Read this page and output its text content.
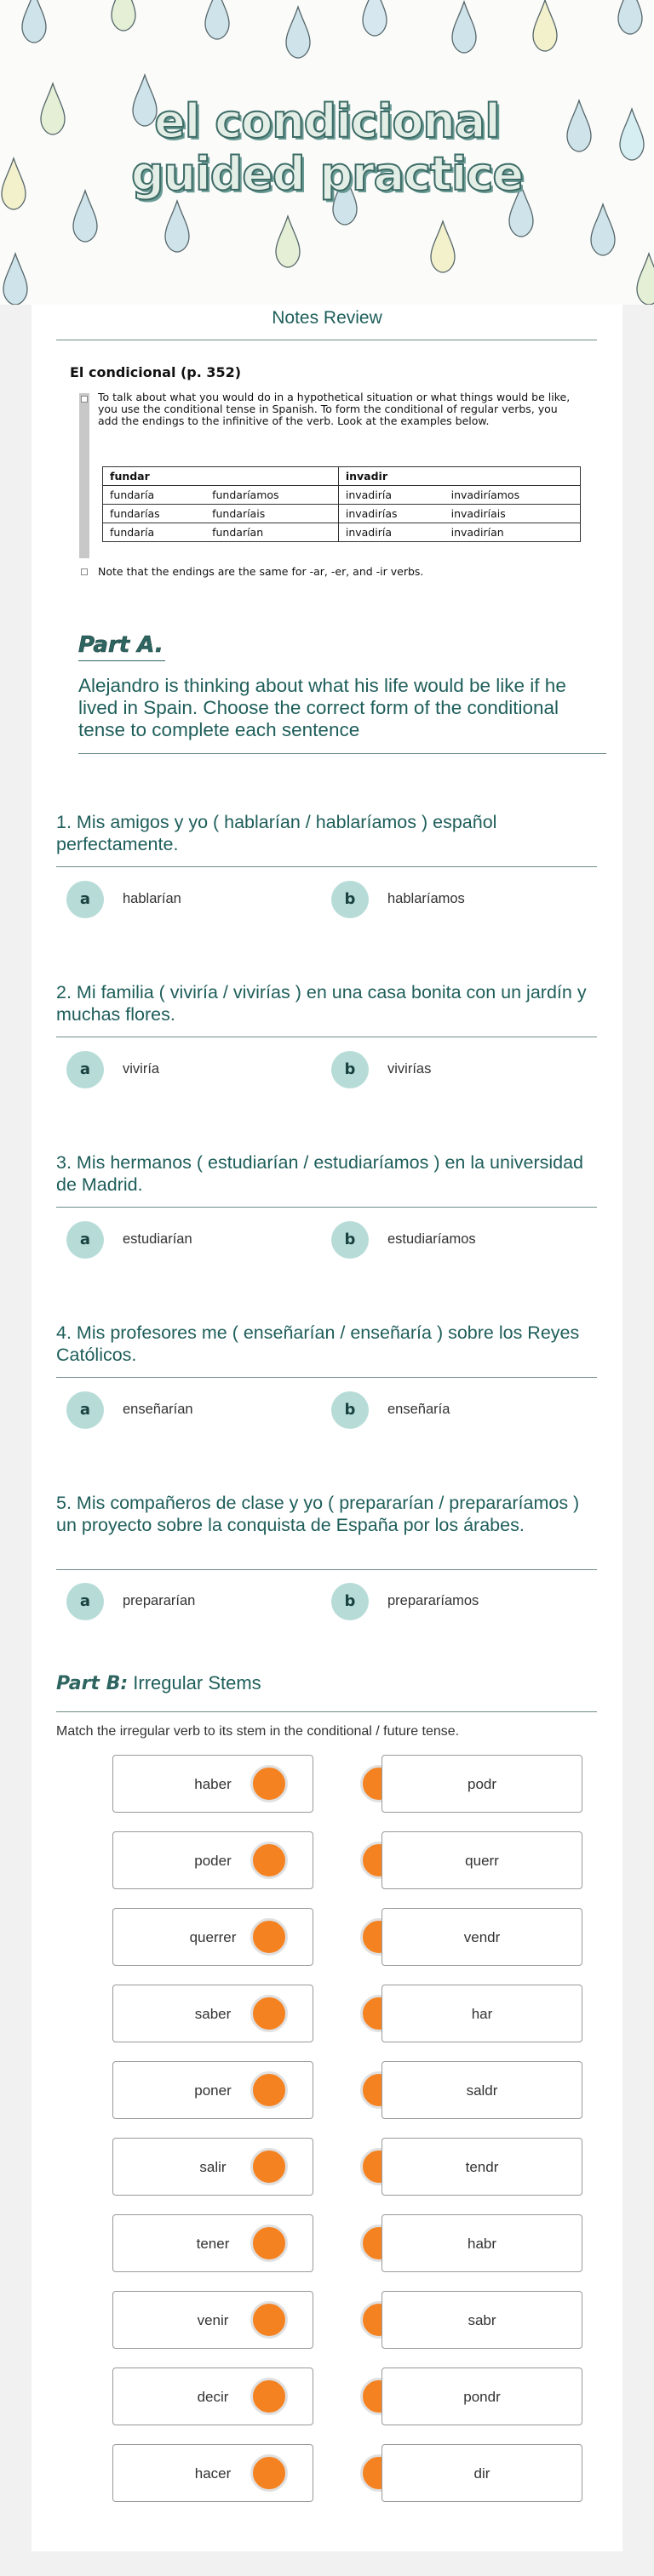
el condicional guided practice
Notes Review
El condicional (p. 352)
To talk about what you would do in a hypothetical situation or what things would be like, you use the conditional tense in Spanish. To form the conditional of regular verbs, you add the endings to the infinitive of the verb. Look at the examples below.
fundar		invadir	
fundaría	fundaríamos	invadiría	invadiríamos
fundarías	fundaríais	invadirías	invadiríais
fundaría	fundarían	invadiría	invadirían
Note that the endings are the same for -ar, -er, and -ir verbs.
Part A.
Alejandro is thinking about what his life would be like if he lived in Spain. Choose the correct form of the conditional tense to complete each sentence
1. Mis amigos y yo ( hablarían / hablaríamos ) español perfectamente.
a	hablarían	b	hablaríamos
2. Mi familia ( viviría / vivirías ) en una casa bonita con un jardín y muchas flores.
a	viviría	b	vivirías
3. Mis hermanos ( estudiarían / estudiaríamos ) en la universidad de Madrid.
a	estudiarían	b	estudiaríamos
4. Mis profesores me ( enseñarían / enseñaría ) sobre los Reyes Católicos.
a	enseñarían	b	enseñaría
5. Mis compañeros de clase y yo ( prepararían / prepararíamos ) un proyecto sobre la conquista de España por los árabes.
a	prepararían	b	prepararíamos
Part B: Irregular Stems
Match the irregular verb to its stem in the conditional / future tense.
haber	podr
poder	querr
querrer	vendr
saber	har
poner	saldr
salir	tendr
tener	habr
venir	sabr
decir	pondr
hacer	dir
